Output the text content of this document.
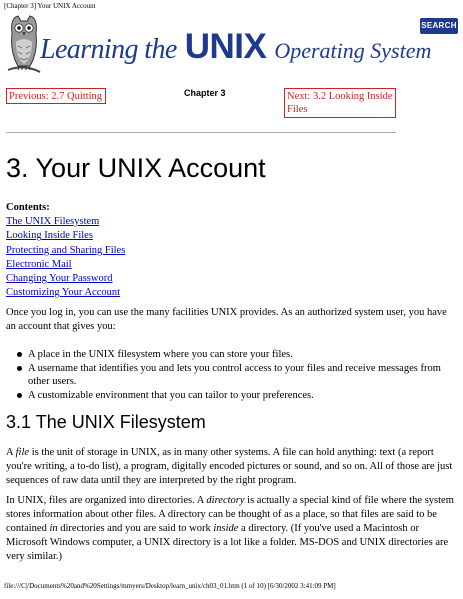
[Chapter 3] Your UNIX Account
Learning the UNIX Operating System
SEARCH
Previous: 2.7 Quitting	Chapter 3	Next: 3.2 Looking Inside Files
3. Your UNIX Account
Contents:
The UNIX Filesystem
Looking Inside Files
Protecting and Sharing Files
Electronic Mail
Changing Your Password
Customizing Your Account

Once you log in, you can use the many facilities UNIX provides. As an authorized system user, you have an account that gives you:

A place in the UNIX filesystem where you can store your files.
A username that identifies you and lets you control access to your files and receive messages from other users.
A customizable environment that you can tailor to your preferences.
3.1 The UNIX Filesystem

A file is the unit of storage in UNIX, as in many other systems. A file can hold anything: text (a report you're writing, a to-do list), a program, digitally encoded pictures or sound, and so on. All of those are just sequences of raw data until they are interpreted by the right program.

In UNIX, files are organized into directories. A directory is actually a special kind of file where the system stores information about other files. A directory can be thought of as a place, so that files are said to be contained in directories and you are said to work inside a directory. (If you've used a Macintosh or Microsoft Windows computer, a UNIX directory is a lot like a folder. MS-DOS and UNIX directories are very similar.)

file:///C|/Documents%20and%20Settings/mmyers/Desktop/learn_unix/ch03_01.htm (1 of 10) [6/30/2002 3:41:09 PM]
